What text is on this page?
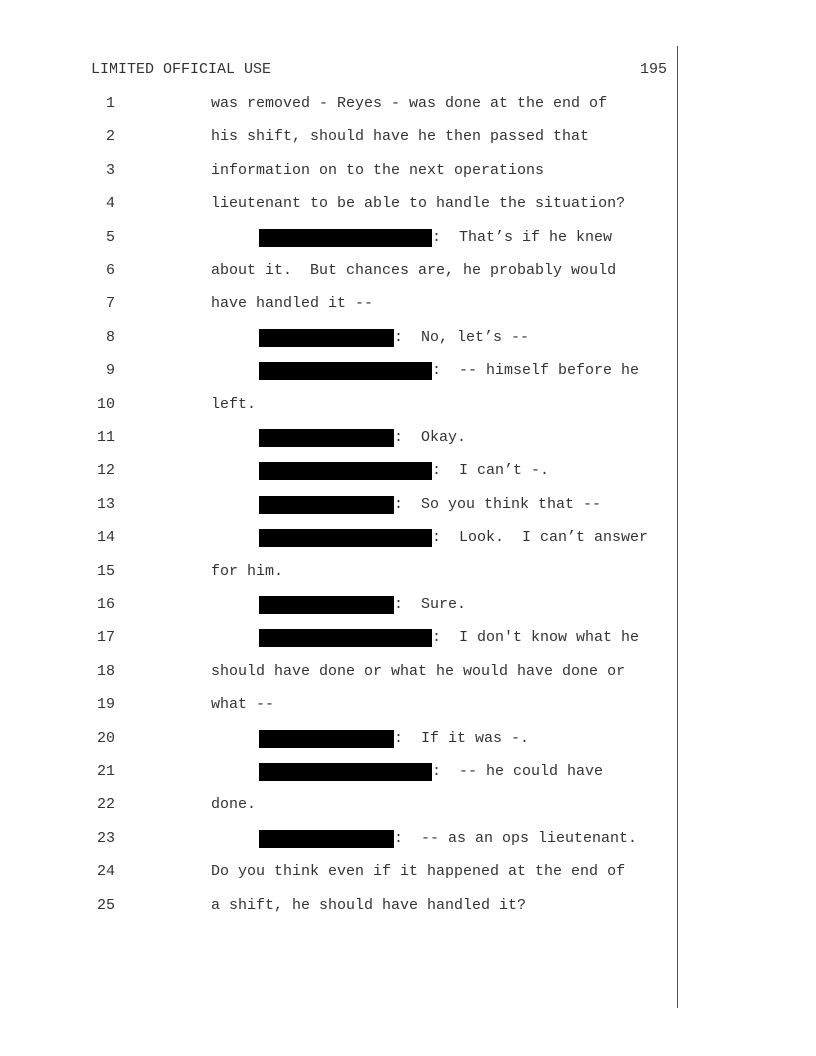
LIMITED OFFICIAL USE	195
1	was removed - Reyes - was done at the end of
2	his shift, should have he then passed that
3	information on to the next operations
4	lieutenant to be able to handle the situation?
5	:  That’s if he knew
6	about it.  But chances are, he probably would
7	have handled it --
8	:  No, let’s --
9	:  -- himself before he
10	left.
11	:  Okay.
12	:  I can’t -.
13	:  So you think that --
14	:  Look.  I can’t answer
15	for him.
16	:  Sure.
17	:  I don't know what he
18	should have done or what he would have done or
19	what --
20	:  If it was -.
21	:  -- he could have
22	done.
23	:  -- as an ops lieutenant.
24	Do you think even if it happened at the end of
25	a shift, he should have handled it?
